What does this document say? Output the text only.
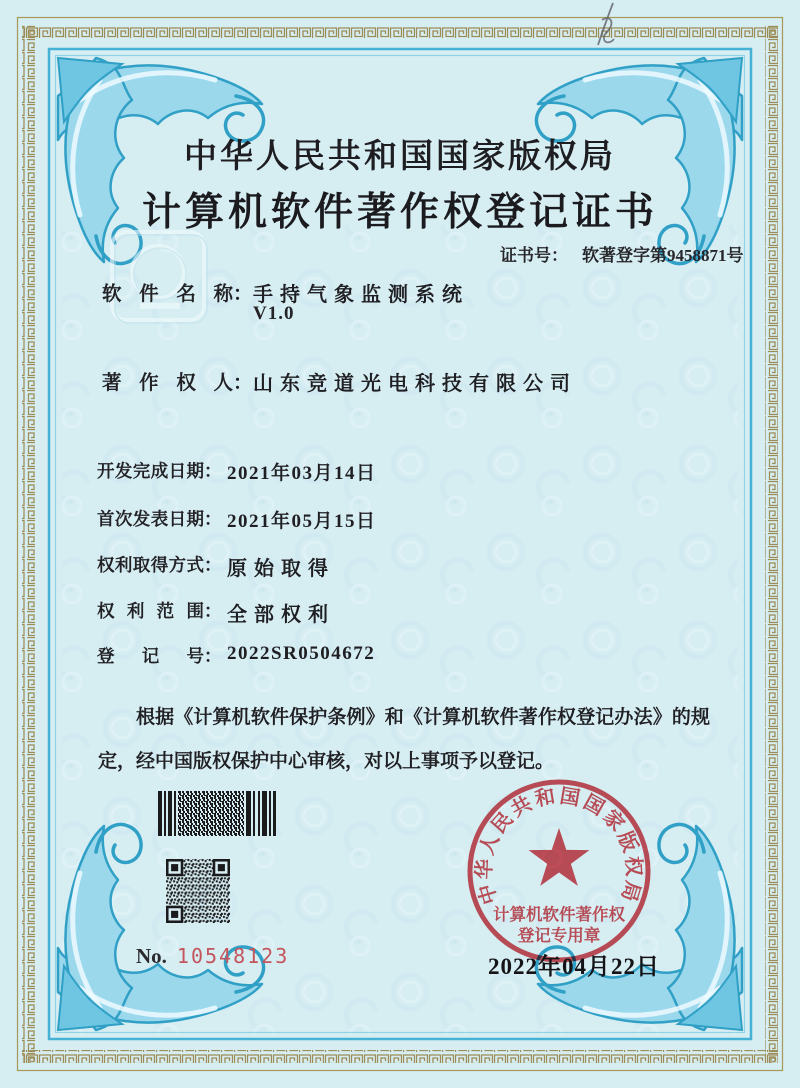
中华人民共和国国家版权局
计算机软件著作权
登记专用章
中华人民共和国国家版权局
计算机软件著作权登记证书
证书号： 软著登字第9458871号
软件名称： 手持气象监测系统
V1.0
著作权人： 山东竞道光电科技有限公司
开发完成日期： 2021年03月14日
首次发表日期： 2021年05月15日
权利取得方式： 原始取得
权利范围： 全部权利
登记号： 2022SR0504672
根据《计算机软件保护条例》和《计算机软件著作权登记办法》的规定，经中国版权保护中心审核，对以上事项予以登记。
No. 10548123	2022年04月22日
